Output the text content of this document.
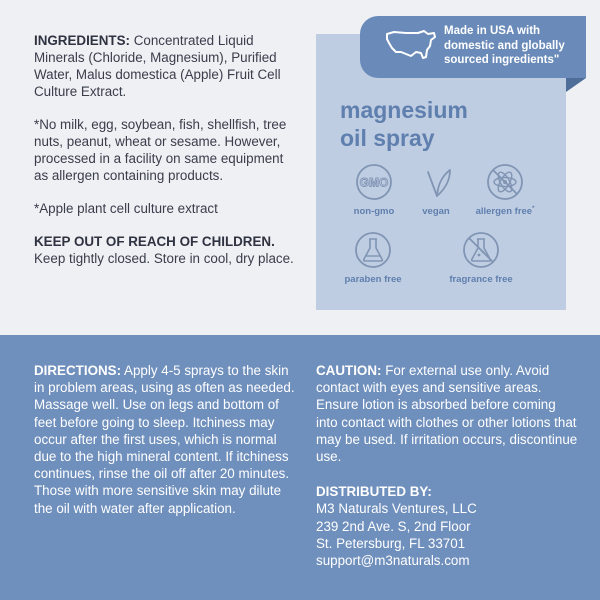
INGREDIENTS: Concentrated Liquid Minerals (Chloride, Magnesium), Purified Water, Malus domestica (Apple) Fruit Cell Culture Extract.

*No milk, egg, soybean, fish, shellfish, tree nuts, peanut, wheat or sesame. However, processed in a facility on same equipment as allergen containing products.

*Apple plant cell culture extract

KEEP OUT OF REACH OF CHILDREN. Keep tightly closed. Store in cool, dry place.

Made in USA with domestic and globally sourced ingredients"
magnesium
oil spray
GMO
non-gmo	vegan	allergen free*
paraben free	fragrance free

DIRECTIONS: Apply 4-5 sprays to the skin in problem areas, using as often as needed. Massage well. Use on legs and bottom of feet before going to sleep. Itchiness may occur after the first uses, which is normal due to the high mineral content. If itchiness continues, rinse the oil off after 20 minutes. Those with more sensitive skin may dilute the oil with water after application.

CAUTION: For external use only. Avoid contact with eyes and sensitive areas. Ensure lotion is absorbed before coming into contact with clothes or other lotions that may be used. If irritation occurs, discontinue use.

DISTRIBUTED BY:

M3 Naturals Ventures, LLC

239 2nd Ave. S, 2nd Floor

St. Petersburg, FL 33701

support@m3naturals.com
